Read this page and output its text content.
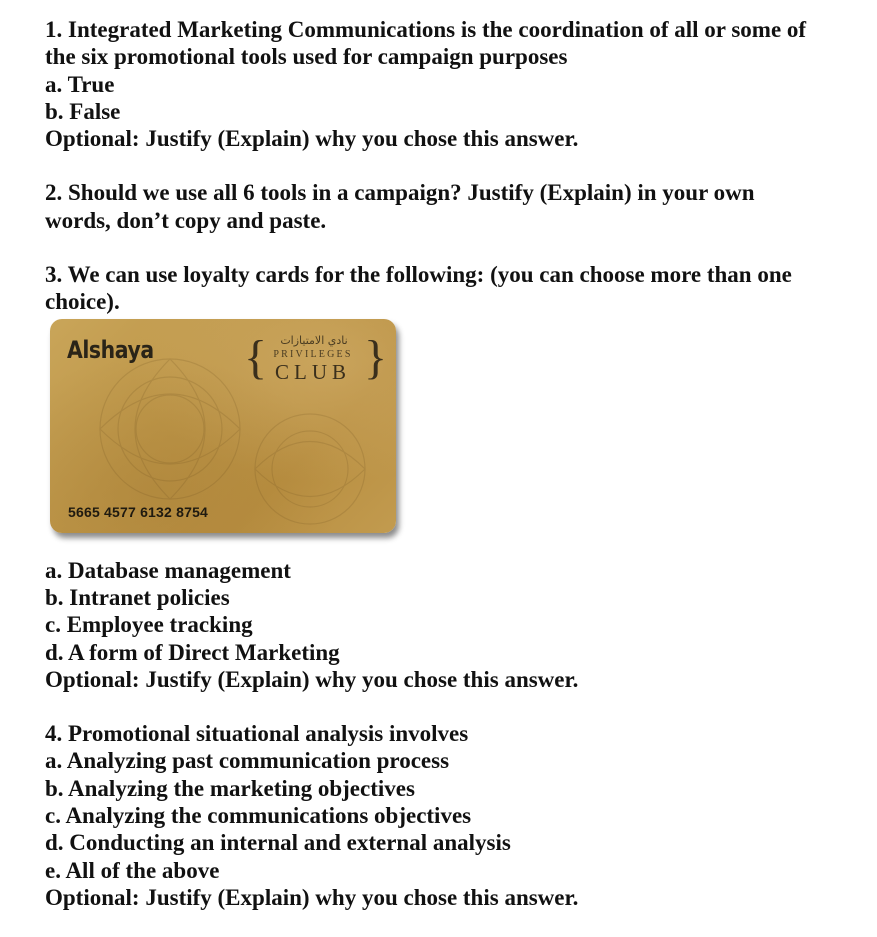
1. Integrated Marketing Communications is the coordination of all or some of
the six promotional tools used for campaign purposes
a. True
b. False
Optional: Justify (Explain) why you chose this answer.
2. Should we use all 6 tools in a campaign? Justify (Explain) in your own
words, don’t copy and paste.
3. We can use loyalty cards for the following: (you can choose more than one
choice).
Alshaya {	نادي الامتيازات
PRIVILEGES
CLUB }
5665 4577 6132 8754
a. Database management
b. Intranet policies
c. Employee tracking
d. A form of Direct Marketing
Optional: Justify (Explain) why you chose this answer.
4. Promotional situational analysis involves
a. Analyzing past communication process
b. Analyzing the marketing objectives
c. Analyzing the communications objectives
d. Conducting an internal and external analysis
e. All of the above
Optional: Justify (Explain) why you chose this answer.
